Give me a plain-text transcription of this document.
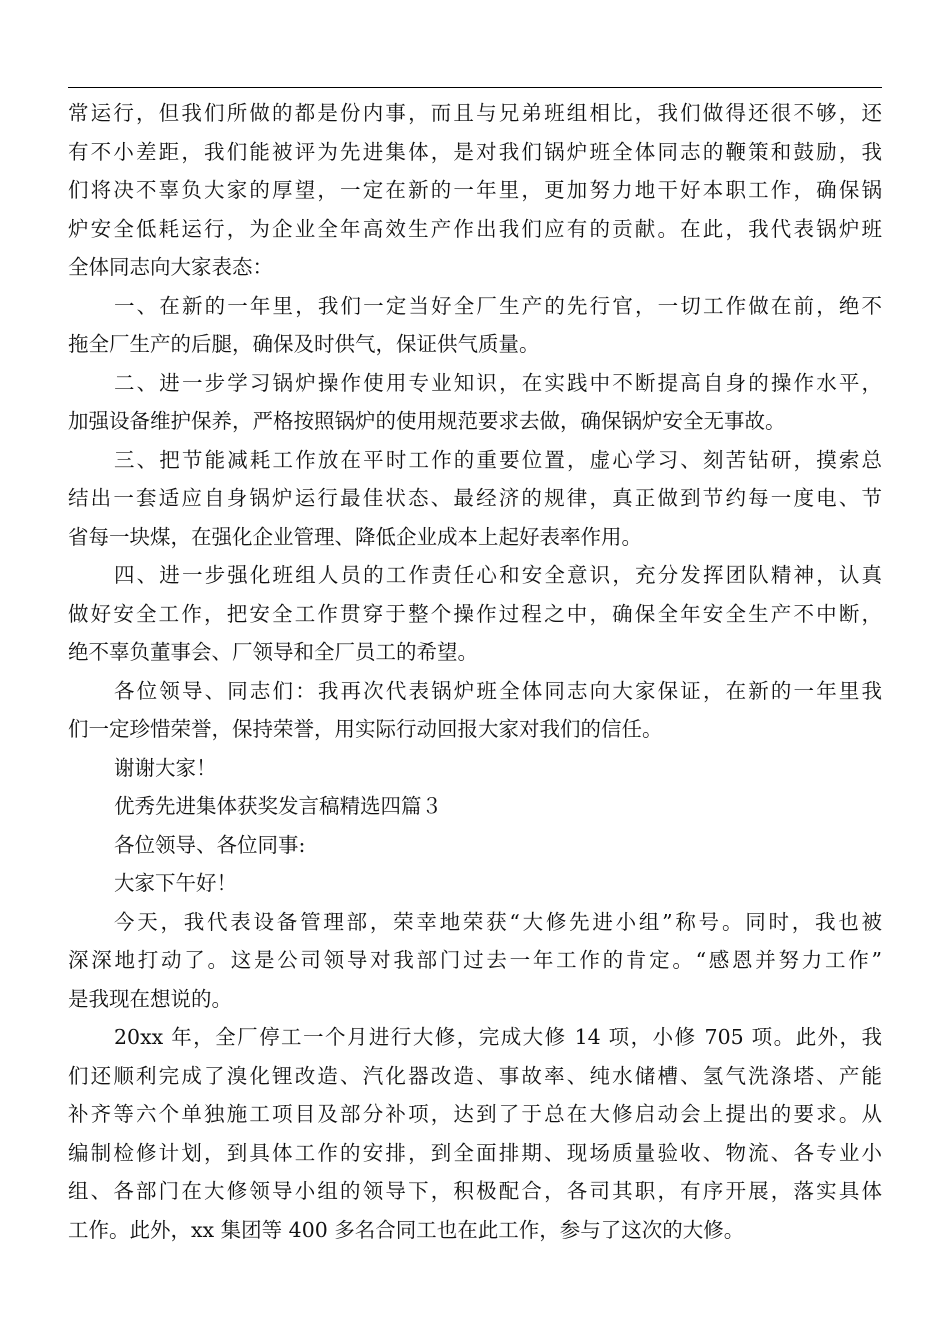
常运行，但我们所做的都是份内事，而且与兄弟班组相比，我们做得还很不够，还
有不小差距，我们能被评为先进集体，是对我们锅炉班全体同志的鞭策和鼓励，我
们将决不辜负大家的厚望，一定在新的一年里，更加努力地干好本职工作，确保锅
炉安全低耗运行，为企业全年高效生产作出我们应有的贡献。在此，我代表锅炉班
全体同志向大家表态：
一、在新的一年里，我们一定当好全厂生产的先行官，一切工作做在前，绝不
拖全厂生产的后腿，确保及时供气，保证供气质量。
二、进一步学习锅炉操作使用专业知识，在实践中不断提高自身的操作水平，
加强设备维护保养，严格按照锅炉的使用规范要求去做，确保锅炉安全无事故。
三、把节能减耗工作放在平时工作的重要位置，虚心学习、刻苦钻研，摸索总
结出一套适应自身锅炉运行最佳状态、最经济的规律，真正做到节约每一度电、节
省每一块煤，在强化企业管理、降低企业成本上起好表率作用。
四、进一步强化班组人员的工作责任心和安全意识，充分发挥团队精神，认真
做好安全工作，把安全工作贯穿于整个操作过程之中，确保全年安全生产不中断，
绝不辜负董事会、厂领导和全厂员工的希望。
各位领导、同志们：我再次代表锅炉班全体同志向大家保证，在新的一年里我
们一定珍惜荣誉，保持荣誉，用实际行动回报大家对我们的信任。
谢谢大家！
优秀先进集体获奖发言稿精选四篇３
各位领导、各位同事:
大家下午好！
今天，我代表设备管理部，荣幸地荣获“大修先进小组”称号。同时，我也被
深深地打动了。这是公司领导对我部门过去一年工作的肯定。“感恩并努力工作”
是我现在想说的。
20xx 年，全厂停工一个月进行大修，完成大修 14 项，小修 705 项。此外，我
们还顺利完成了溴化锂改造、汽化器改造、事故率、纯水储槽、氢气洗涤塔、产能
补齐等六个单独施工项目及部分补项，达到了于总在大修启动会上提出的要求。从
编制检修计划，到具体工作的安排，到全面排期、现场质量验收、物流、各专业小
组、各部门在大修领导小组的领导下，积极配合，各司其职，有序开展，落实具体
工作。此外，xx 集团等 400 多名合同工也在此工作，参与了这次的大修。
